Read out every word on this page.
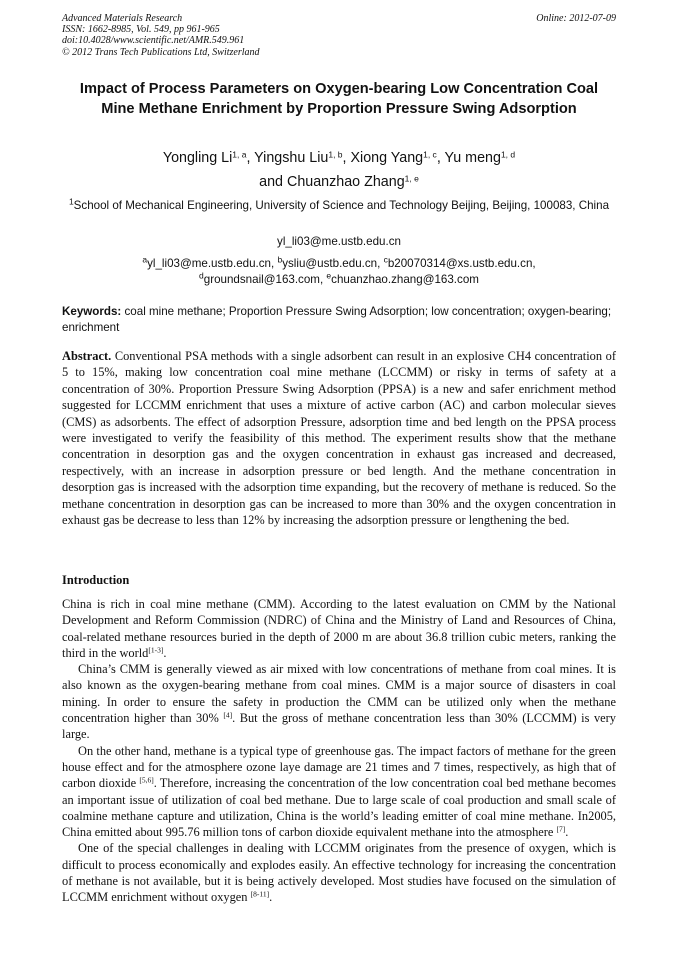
Advanced Materials Research
ISSN: 1662-8985, Vol. 549, pp 961-965
doi:10.4028/www.scientific.net/AMR.549.961
© 2012 Trans Tech Publications Ltd, Switzerland
Online: 2012-07-09
Impact of Process Parameters on Oxygen-bearing Low Concentration Coal Mine Methane Enrichment by Proportion Pressure Swing Adsorption
Yongling Li$^{1, a}$, Yingshu Liu$^{1, b}$, Xiong Yang$^{1, c}$, Yu meng$^{1, d}$
and Chuanzhao Zhang$^{1, e}$
$^1$School of Mechanical Engineering, University of Science and Technology Beijing, Beijing, 100083, China
yl_li03@me.ustb.edu.cn
$^a$yl_li03@me.ustb.edu.cn, $^b$ysliu@ustb.edu.cn, $^c$b20070314@xs.ustb.edu.cn,
$^d$groundsnail@163.com, $^e$chuanzhao.zhang@163.com
Keywords: coal mine methane; Proportion Pressure Swing Adsorption; low concentration; oxygen-bearing; enrichment
Abstract. Conventional PSA methods with a single adsorbent can result in an explosive CH4 concentration of 5 to 15%, making low concentration coal mine methane (LCCMM) or risky in terms of safety at a concentration of 30%. Proportion Pressure Swing Adsorption (PPSA) is a new and safer enrichment method suggested for LCCMM enrichment that uses a mixture of active carbon (AC) and carbon molecular sieves (CMS) as adsorbents. The effect of adsorption Pressure, adsorption time and bed length on the PPSA process were investigated to verify the feasibility of this method. The experiment results show that the methane concentration in desorption gas and the oxygen concentration in exhaust gas increased and decreased, respectively, with an increase in adsorption pressure or bed length. And the methane concentration in desorption gas is increased with the adsorption time expanding, but the recovery of methane is reduced. So the methane concentration in desorption gas can be increased to more than 30% and the oxygen concentration in exhaust gas be decrease to less than 12% by increasing the adsorption pressure or lengthening the bed.
Introduction

China is rich in coal mine methane (CMM). According to the latest evaluation on CMM by the National Development and Reform Commission (NDRC) of China and the Ministry of Land and Resources of China, coal-related methane resources buried in the depth of 2000 m are about 36.8 trillion cubic meters, ranking the third in the world[1-3].

China’s CMM is generally viewed as air mixed with low concentrations of methane from coal mines. It is also known as the oxygen-bearing methane from coal mines. CMM is a major source of disasters in coal mining. In order to ensure the safety in production the CMM can be utilized only when the methane concentration higher than 30% [4]. But the gross of methane concentration less than 30% (LCCMM) is very large.

On the other hand, methane is a typical type of greenhouse gas. The impact factors of methane for the green house effect and for the atmosphere ozone laye damage are 21 times and 7 times, respectively, as high that of carbon dioxide [5,6]. Therefore, increasing the concentration of the low concentration coal bed methane becomes an important issue of utilization of coal bed methane. Due to large scale of coal production and small scale of coalmine methane capture and utilization, China is the world’s leading emitter of coal mine methane. In2005, China emitted about 995.76 million tons of carbon dioxide equivalent methane into the atmosphere [7].

One of the special challenges in dealing with LCCMM originates from the presence of oxygen, which is difficult to process economically and explodes easily. An effective technology for increasing the concentration of methane is not available, but it is being actively developed. Most studies have focused on the simulation of LCCMM enrichment without oxygen [8-11].
